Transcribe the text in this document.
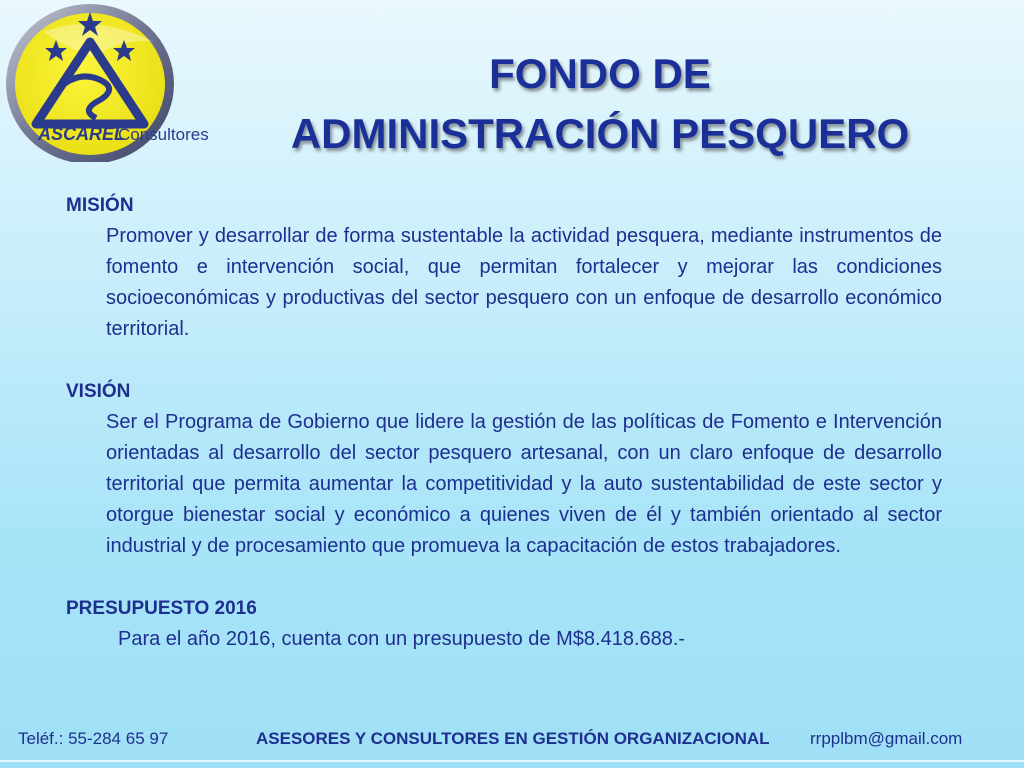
ASCAREL
Consultores
FONDO DE
ADMINISTRACIÓN PESQUERO
MISIÓN
Promover y desarrollar de forma sustentable la actividad pesquera, mediante instrumentos de fomento e intervención social, que permitan fortalecer y mejorar las condiciones socioeconómicas y productivas del sector pesquero con un enfoque de desarrollo económico territorial.
VISIÓN
Ser el Programa de Gobierno que lidere la gestión de las políticas de Fomento e Intervención orientadas al desarrollo del sector pesquero artesanal, con un claro enfoque de desarrollo territorial que permita aumentar la competitividad y la auto sustentabilidad de este sector y otorgue bienestar social y económico a quienes viven de él y también orientado al sector industrial y de procesamiento que promueva la capacitación de estos trabajadores.
PRESUPUESTO 2016
Para el año 2016, cuenta con un presupuesto de M$8.418.688.-
Teléf.: 55-284 65 97	ASESORES Y CONSULTORES EN GESTIÓN ORGANIZACIONAL rrpplbm@gmail.com
